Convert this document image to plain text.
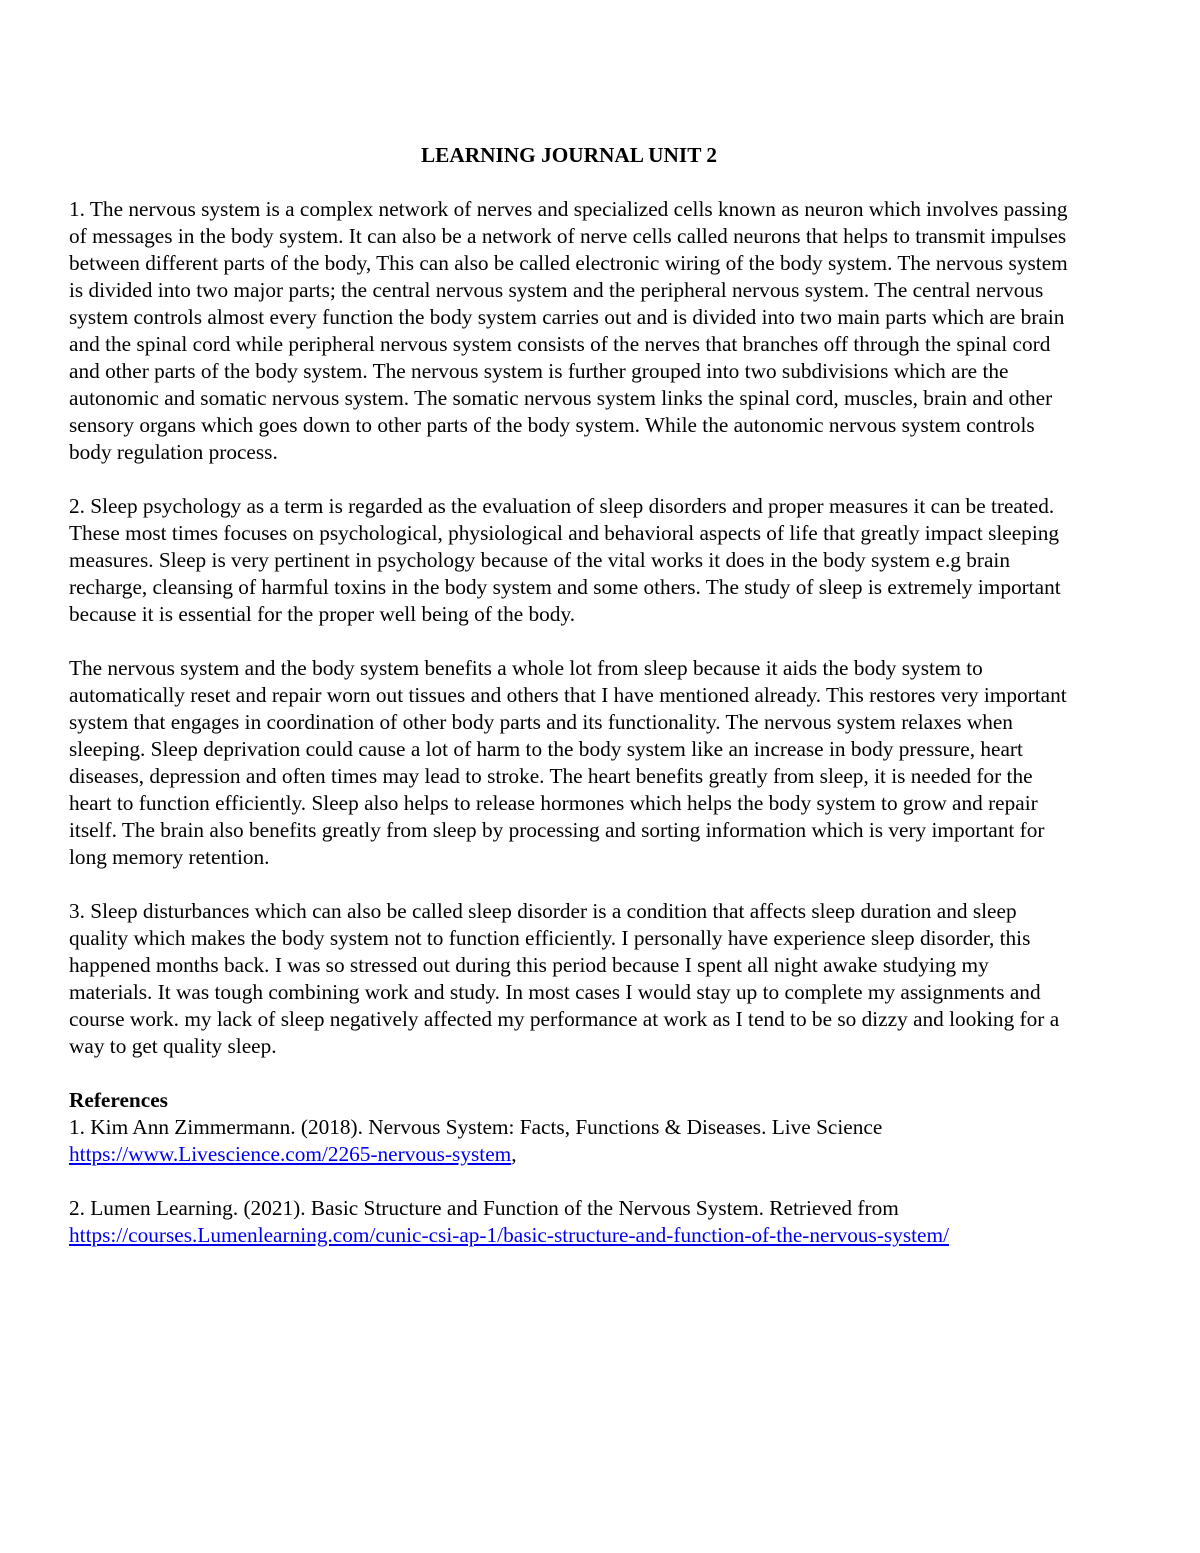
LEARNING JOURNAL UNIT 2

1. The nervous system is a complex network of nerves and specialized cells known as neuron which involves passing of messages in the body system. It can also be a network of nerve cells called neurons that helps to transmit impulses between different parts of the body, This can also be called electronic wiring of the body system. The nervous system is divided into two major parts; the central nervous system and the peripheral nervous system. The central nervous system controls almost every function the body system carries out and is divided into two main parts which are brain and the spinal cord while peripheral nervous system consists of the nerves that branches off through the spinal cord and other parts of the body system. The nervous system is further grouped into two subdivisions which are the autonomic and somatic nervous system. The somatic nervous system links the spinal cord, muscles, brain and other sensory organs which goes down to other parts of the body system. While the autonomic nervous system controls body regulation process.

2. Sleep psychology as a term is regarded as the evaluation of sleep disorders and proper measures it can be treated. These most times focuses on psychological, physiological and behavioral aspects of life that greatly impact sleeping measures. Sleep is very pertinent in psychology because of the vital works it does in the body system e.g brain recharge, cleansing of harmful toxins in the body system and some others. The study of sleep is extremely important because it is essential for the proper well being of the body.

The nervous system and the body system benefits a whole lot from sleep because it aids the body system to automatically reset and repair worn out tissues and others that I have mentioned already. This restores very important system that engages in coordination of other body parts and its functionality. The nervous system relaxes when sleeping. Sleep deprivation could cause a lot of harm to the body system like an increase in body pressure, heart diseases, depression and often times may lead to stroke. The heart benefits greatly from sleep, it is needed for the heart to function efficiently. Sleep also helps to release hormones which helps the body system to grow and repair itself. The brain also benefits greatly from sleep by processing and sorting information which is very important for long memory retention.

3. Sleep disturbances which can also be called sleep disorder is a condition that affects sleep duration and sleep quality which makes the body system not to function efficiently. I personally have experience sleep disorder, this happened months back. I was so stressed out during this period because I spent all night awake studying my materials. It was tough combining work and study. In most cases I would stay up to complete my assignments and course work. my lack of sleep negatively affected my performance at work as I tend to be so dizzy and looking for a way to get quality sleep.

References
1. Kim Ann Zimmermann. (2018). Nervous System: Facts, Functions & Diseases. Live Science
https://www.Livescience.com/2265-nervous-system,
2. Lumen Learning. (2021). Basic Structure and Function of the Nervous System. Retrieved from
https://courses.Lumenlearning.com/cunic-csi-ap-1/basic-structure-and-function-of-the-nervous-system/
